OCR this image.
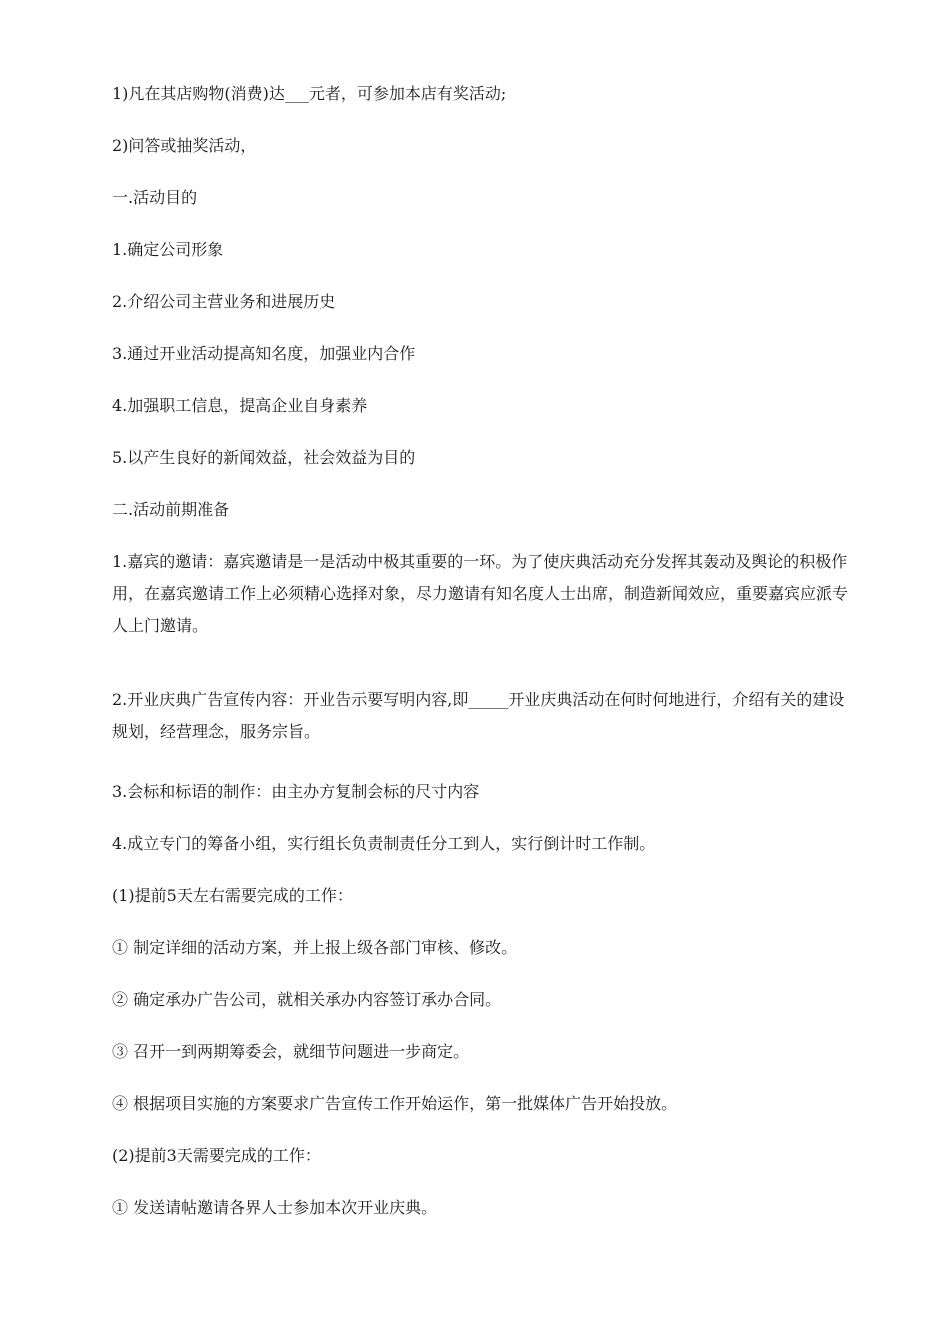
1)凡在其店购物(消费)达___元者，可参加本店有奖活动;

2)问答或抽奖活动，

一.活动目的

1.确定公司形象

2.介绍公司主营业务和进展历史

3.通过开业活动提高知名度，加强业内合作

4.加强职工信息，提高企业自身素养

5.以产生良好的新闻效益，社会效益为目的

二.活动前期准备

1.嘉宾的邀请：嘉宾邀请是一是活动中极其重要的一环。为了使庆典活动充分发挥其轰动及舆论的积极作用，在嘉宾邀请工作上必须精心选择对象，尽力邀请有知名度人士出席，制造新闻效应，重要嘉宾应派专人上门邀请。

2.开业庆典广告宣传内容：开业告示要写明内容,即_____开业庆典活动在何时何地进行，介绍有关的建设规划，经营理念，服务宗旨。

3.会标和标语的制作：由主办方复制会标的尺寸内容

4.成立专门的筹备小组，实行组长负责制责任分工到人，实行倒计时工作制。

(1)提前5天左右需要完成的工作：

① 制定详细的活动方案，并上报上级各部门审核、修改。

② 确定承办广告公司，就相关承办内容签订承办合同。

③ 召开一到两期筹委会，就细节问题进一步商定。

④ 根据项目实施的方案要求广告宣传工作开始运作，第一批媒体广告开始投放。

(2)提前3天需要完成的工作：

① 发送请帖邀请各界人士参加本次开业庆典。
